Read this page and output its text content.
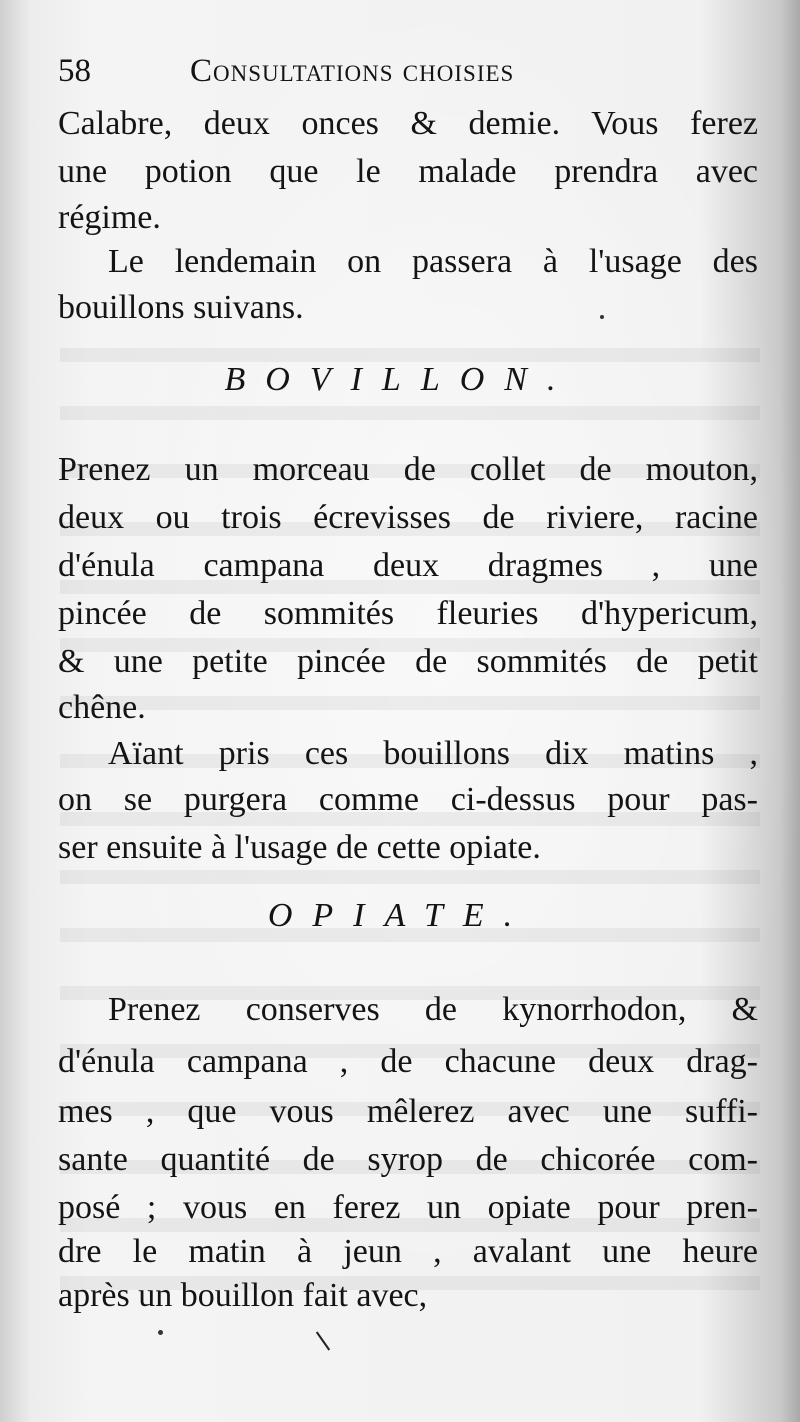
58	Consultations choisies

Calabre, deux onces & demie. Vous ferez

une potion que le malade prendra avec

régime.

Le lendemain on passera à l'usage des

bouillons suivans.

BOVILLON.

Prenez un morceau de collet de mouton,

deux ou trois écrevisses de riviere, racine

d'énula campana deux dragmes , une

pincée de sommités fleuries d'hypericum,

& une petite pincée de sommités de petit

chêne.

Aïant pris ces bouillons dix matins ,

on se purgera comme ci-dessus pour pas-

ser ensuite à l'usage de cette opiate.

OPIATE.

Prenez conserves de kynorrhodon, &

d'énula campana , de chacune deux drag-

mes , que vous mêlerez avec une suffi-

sante quantité de syrop de chicorée com-

posé ; vous en ferez un opiate pour pren-

dre le matin à jeun , avalant une heure

après un bouillon fait avec,
